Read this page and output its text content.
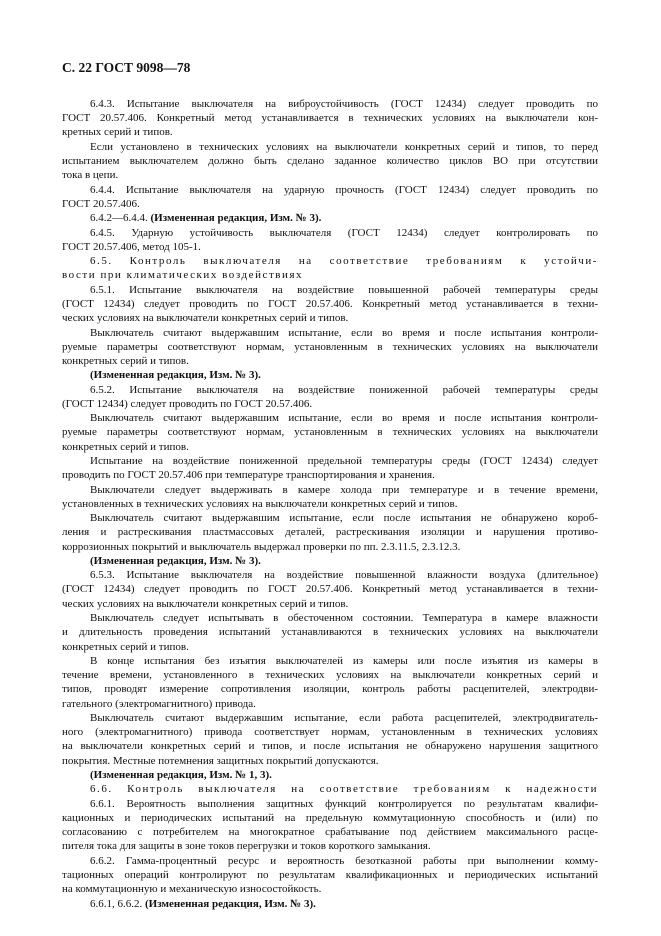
С. 22 ГОСТ 9098—78
6.4.3. Испытание выключателя на виброустойчивость (ГОСТ 12434) следует проводить по
ГОСТ 20.57.406. Конкретный метод устанавливается в технических условиях на выключатели кон-
кретных серий и типов.
Если установлено в технических условиях на выключатели конкретных серий и типов, то перед
испытанием выключателем должно быть сделано заданное количество циклов ВО при отсутствии
тока в цепи.
6.4.4. Испытание выключателя на ударную прочность (ГОСТ 12434) следует проводить по
ГОСТ 20.57.406.
6.4.2—6.4.4. (Измененная редакция, Изм. № 3).
6.4.5. Ударную устойчивость выключателя (ГОСТ 12434) следует контролировать по
ГОСТ 20.57.406, метод 105-1.
6.5. Контроль выключателя на соответствие требованиям к устойчи-
вости при климатических воздействиях
6.5.1. Испытание выключателя на воздействие повышенной рабочей температуры среды
(ГОСТ 12434) следует проводить по ГОСТ 20.57.406. Конкретный метод устанавливается в техни-
ческих условиях на выключатели конкретных серий и типов.
Выключатель считают выдержавшим испытание, если во время и после испытания контроли-
руемые параметры соответствуют нормам, установленным в технических условиях на выключатели
конкретных серий и типов.
(Измененная редакция, Изм. № 3).
6.5.2. Испытание выключателя на воздействие пониженной рабочей температуры среды
(ГОСТ 12434) следует проводить по ГОСТ 20.57.406.
Выключатель считают выдержавшим испытание, если во время и после испытания контроли-
руемые параметры соответствуют нормам, установленным в технических условиях на выключатели
конкретных серий и типов.
Испытание на воздействие пониженной предельной температуры среды (ГОСТ 12434) следует
проводить по ГОСТ 20.57.406 при температуре транспортирования и хранения.
Выключатели следует выдерживать в камере холода при температуре и в течение времени,
установленных в технических условиях на выключатели конкретных серий и типов.
Выключатель считают выдержавшим испытание, если после испытания не обнаружено короб-
ления и растрескивания пластмассовых деталей, растрескивания изоляции и нарушения противо-
коррозионных покрытий и выключатель выдержал проверки по пп. 2.3.11.5, 2.3.12.3.
(Измененная редакция, Изм. № 3).
6.5.3. Испытание выключателя на воздействие повышенной влажности воздуха (длительное)
(ГОСТ 12434) следует проводить по ГОСТ 20.57.406. Конкретный метод устанавливается в техни-
ческих условиях на выключатели конкретных серий и типов.
Выключатель следует испытывать в обесточенном состоянии. Температура в камере влажности
и длительность проведения испытаний устанавливаются в технических условиях на выключатели
конкретных серий и типов.
В конце испытания без изъятия выключателей из камеры или после изъятия из камеры в
течение времени, установленного в технических условиях на выключатели конкретных серий и
типов, проводят измерение сопротивления изоляции, контроль работы расцепителей, электродви-
гательного (электромагнитного) привода.
Выключатель считают выдержавшим испытание, если работа расцепителей, электродвигатель-
ного (электромагнитного) привода соответствует нормам, установленным в технических условиях
на выключатели конкретных серий и типов, и после испытания не обнаружено нарушения защитного
покрытия. Местные потемнения защитных покрытий допускаются.
(Измененная редакция, Изм. № 1, 3).
6.6. Контроль выключателя на соответствие требованиям к надежности
6.6.1. Вероятность выполнения защитных функций контролируется по результатам квалифи-
кационных и периодических испытаний на предельную коммутационную способность и (или) по
согласованию с потребителем на многократное срабатывание под действием максимального расце-
пителя тока для защиты в зоне токов перегрузки и токов короткого замыкания.
6.6.2. Гамма-процентный ресурс и вероятность безотказной работы при выполнении комму-
тационных операций контролируют по результатам квалификационных и периодических испытаний
на коммутационную и механическую износостойкость.
6.6.1, 6.6.2. (Измененная редакция, Изм. № 3).
